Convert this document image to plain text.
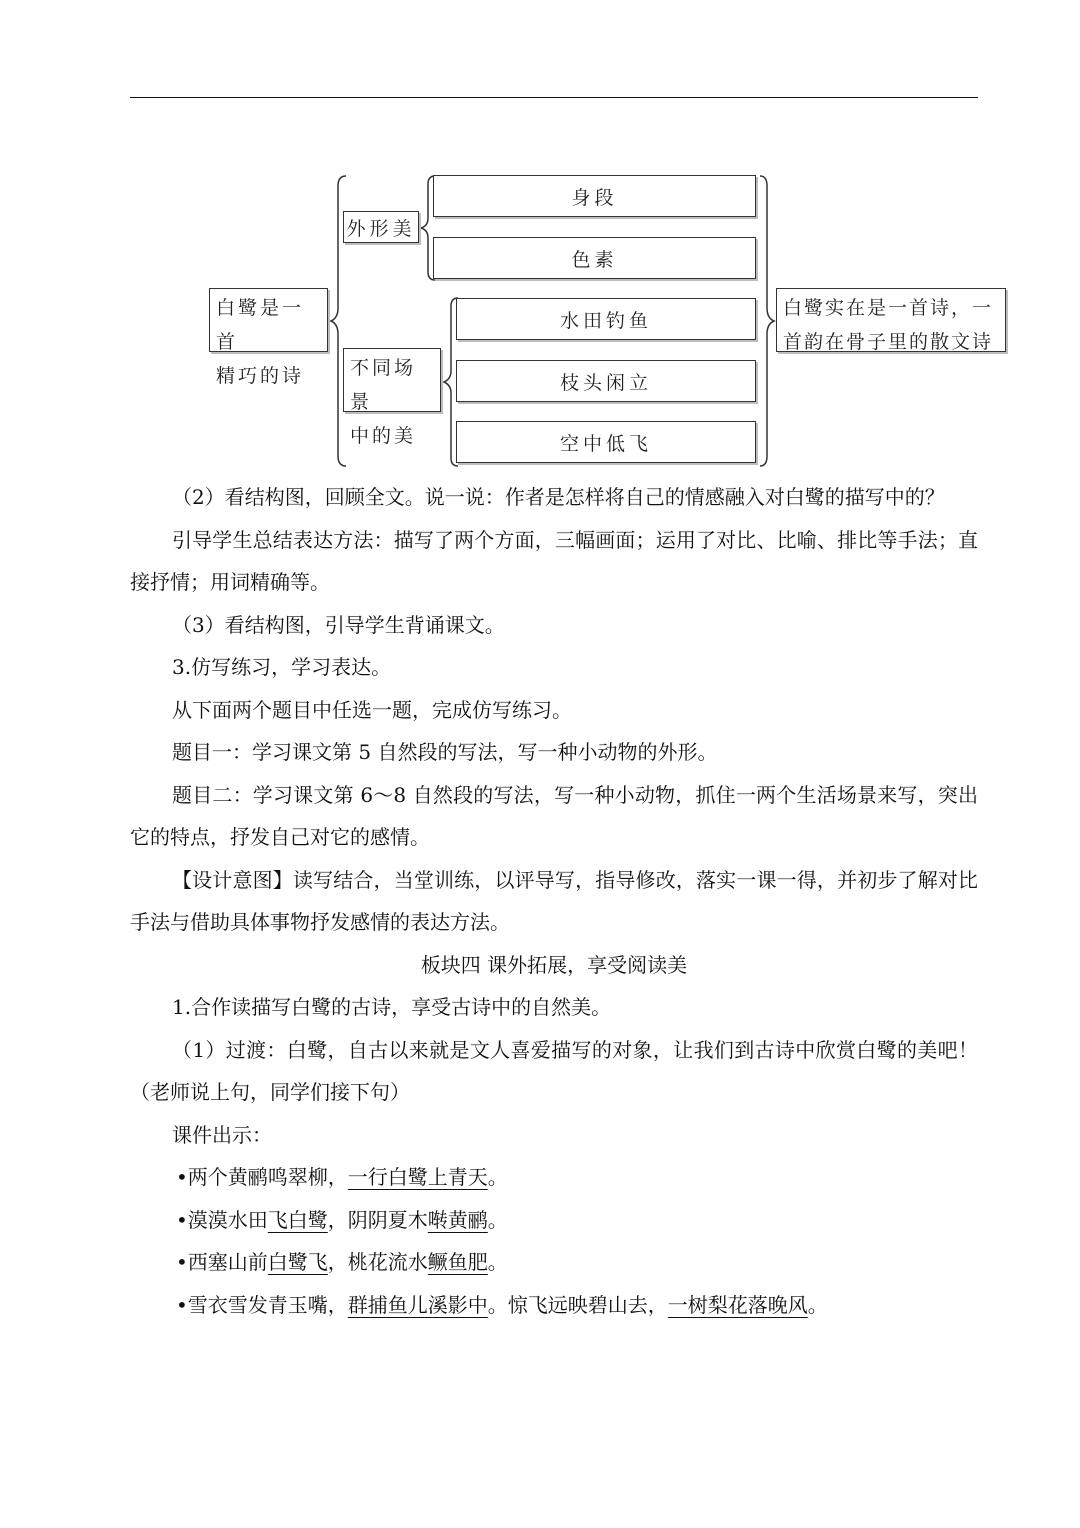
白鹭是一首
精巧的诗
外形美
不同场景
中的美
身段
色素
水田钓鱼
枝头闲立
空中低飞
白鹭实在是一首诗，一
首韵在骨子里的散文诗

（2）看结构图，回顾全文。说一说：作者是怎样将自己的情感融入对白鹭的描写中的？

引导学生总结表达方法：描写了两个方面，三幅画面；运用了对比、比喻、排比等手法；直接抒情；用词精确等。

（3）看结构图，引导学生背诵课文。

3.仿写练习，学习表达。

从下面两个题目中任选一题，完成仿写练习。

题目一：学习课文第 5 自然段的写法，写一种小动物的外形。

题目二：学习课文第 6～8 自然段的写法，写一种小动物，抓住一两个生活场景来写，突出它的特点，抒发自己对它的感情。

【设计意图】读写结合，当堂训练，以评导写，指导修改，落实一课一得，并初步了解对比手法与借助具体事物抒发感情的表达方法。

板块四 课外拓展，享受阅读美

1.合作读描写白鹭的古诗，享受古诗中的自然美。

（1）过渡：白鹭，自古以来就是文人喜爱描写的对象，让我们到古诗中欣赏白鹭的美吧！（老师说上句，同学们接下句）

课件出示：

•两个黄鹂鸣翠柳，一行白鹭上青天。

•漠漠水田飞白鹭，阴阴夏木啭黄鹂。

•西塞山前白鹭飞，桃花流水鳜鱼肥。

•雪衣雪发青玉嘴，群捕鱼儿溪影中。惊飞远映碧山去，一树梨花落晚风。
